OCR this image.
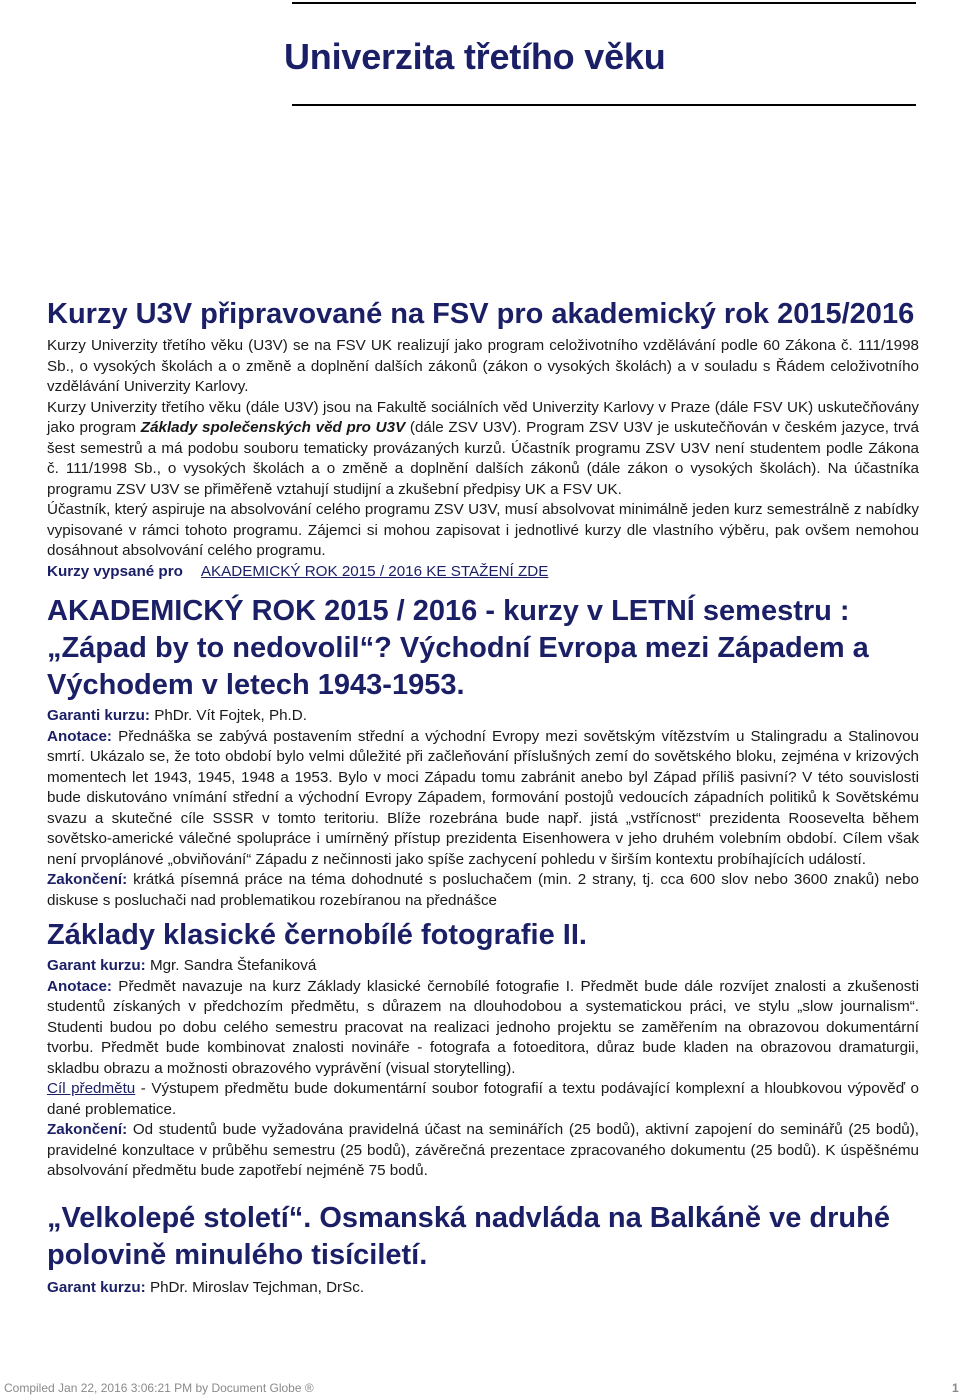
Univerzita třetího věku
Kurzy U3V připravované na FSV pro akademický rok 2015/2016

Kurzy Univerzity třetího věku (U3V) se na FSV UK realizují jako program celoživotního vzdělávání podle 60 Zákona č. 111/1998 Sb., o vysokých školách a o změně a doplnění dalších zákonů (zákon o vysokých školách) a v souladu s Řádem celoživotního vzdělávání Univerzity Karlovy.

Kurzy Univerzity třetího věku (dále U3V) jsou na Fakultě sociálních věd Univerzity Karlovy v Praze (dále FSV UK) uskutečňovány jako program Základy společenských věd pro U3V (dále ZSV U3V). Program ZSV U3V je uskutečňován v českém jazyce, trvá šest semestrů a má podobu souboru tematicky provázaných kurzů. Účastník programu ZSV U3V není studentem podle Zákona č. 111/1998 Sb., o vysokých školách a o změně a doplnění dalších zákonů (dále zákon o vysokých školách). Na účastníka programu ZSV U3V se přiměřeně vztahují studijní a zkušební předpisy UK a FSV UK.

Účastník, který aspiruje na absolvování celého programu ZSV U3V, musí absolvovat minimálně jeden kurz semestrálně z nabídky vypisované v rámci tohoto programu. Zájemci si mohou zapisovat i jednotlivé kurzy dle vlastního výběru, pak ovšem nemohou dosáhnout absolvování celého programu.

Kurzy vypsané pro AKADEMICKÝ ROK 2015 / 2016 KE STAŽENÍ ZDE

AKADEMICKÝ ROK 2015 / 2016 - kurzy v LETNÍ semestru :
„Západ by to nedovolil“? Východní Evropa mezi Západem a Východem v letech 1943-1953.

Garanti kurzu: PhDr. Vít Fojtek, Ph.D.

Anotace: Přednáška se zabývá postavením střední a východní Evropy mezi sovětským vítězstvím u Stalingradu a Stalinovou smrtí. Ukázalo se, že toto období bylo velmi důležité při začleňování příslušných zemí do sovětského bloku, zejména v krizových momentech let 1943, 1945, 1948 a 1953. Bylo v moci Západu tomu zabránit anebo byl Západ příliš pasivní? V této souvislosti bude diskutováno vnímání střední a východní Evropy Západem, formování postojů vedoucích západních politiků k Sovětskému svazu a skutečné cíle SSSR v tomto teritoriu. Blíže rozebrána bude např. jistá „vstřícnost“ prezidenta Roosevelta během sovětsko-americké válečné spolupráce i umírněný přístup prezidenta Eisenhowera v jeho druhém volebním období. Cílem však není prvoplánové „obviňování“ Západu z nečinnosti jako spíše zachycení pohledu v širším kontextu probíhajících událostí.

Zakončení: krátká písemná práce na téma dohodnuté s posluchačem (min. 2 strany, tj. cca 600 slov nebo 3600 znaků) nebo diskuse s posluchači nad problematikou rozebíranou na přednášce

Základy klasické černobílé fotografie II.

Garant kurzu: Mgr. Sandra Štefaniková

Anotace: Předmět navazuje na kurz Základy klasické černobílé fotografie I. Předmět bude dále rozvíjet znalosti a zkušenosti studentů získaných v předchozím předmětu, s důrazem na dlouhodobou a systematickou práci, ve stylu „slow journalism“. Studenti budou po dobu celého semestru pracovat na realizaci jednoho projektu se zaměřením na obrazovou dokumentární tvorbu. Předmět bude kombinovat znalosti novináře - fotografa a fotoeditora, důraz bude kladen na obrazovou dramaturgii, skladbu obrazu a možnosti obrazového vyprávění (visual storytelling).

Cíl předmětu - Výstupem předmětu bude dokumentární soubor fotografií a textu podávající komplexní a hloubkovou výpověď o dané problematice.

Zakončení: Od studentů bude vyžadována pravidelná účast na seminářích (25 bodů), aktivní zapojení do seminářů (25 bodů), pravidelné konzultace v průběhu semestru (25 bodů), závěrečná prezentace zpracovaného dokumentu (25 bodů). K úspěšnému absolvování předmětu bude zapotřebí nejméně 75 bodů.

„Velkolepé století“. Osmanská nadvláda na Balkáně ve druhé polovině minulého tisíciletí.

Garant kurzu: PhDr. Miroslav Tejchman, DrSc.

Compiled Jan 22, 2016 3:06:21 PM by Document Globe ®	1
